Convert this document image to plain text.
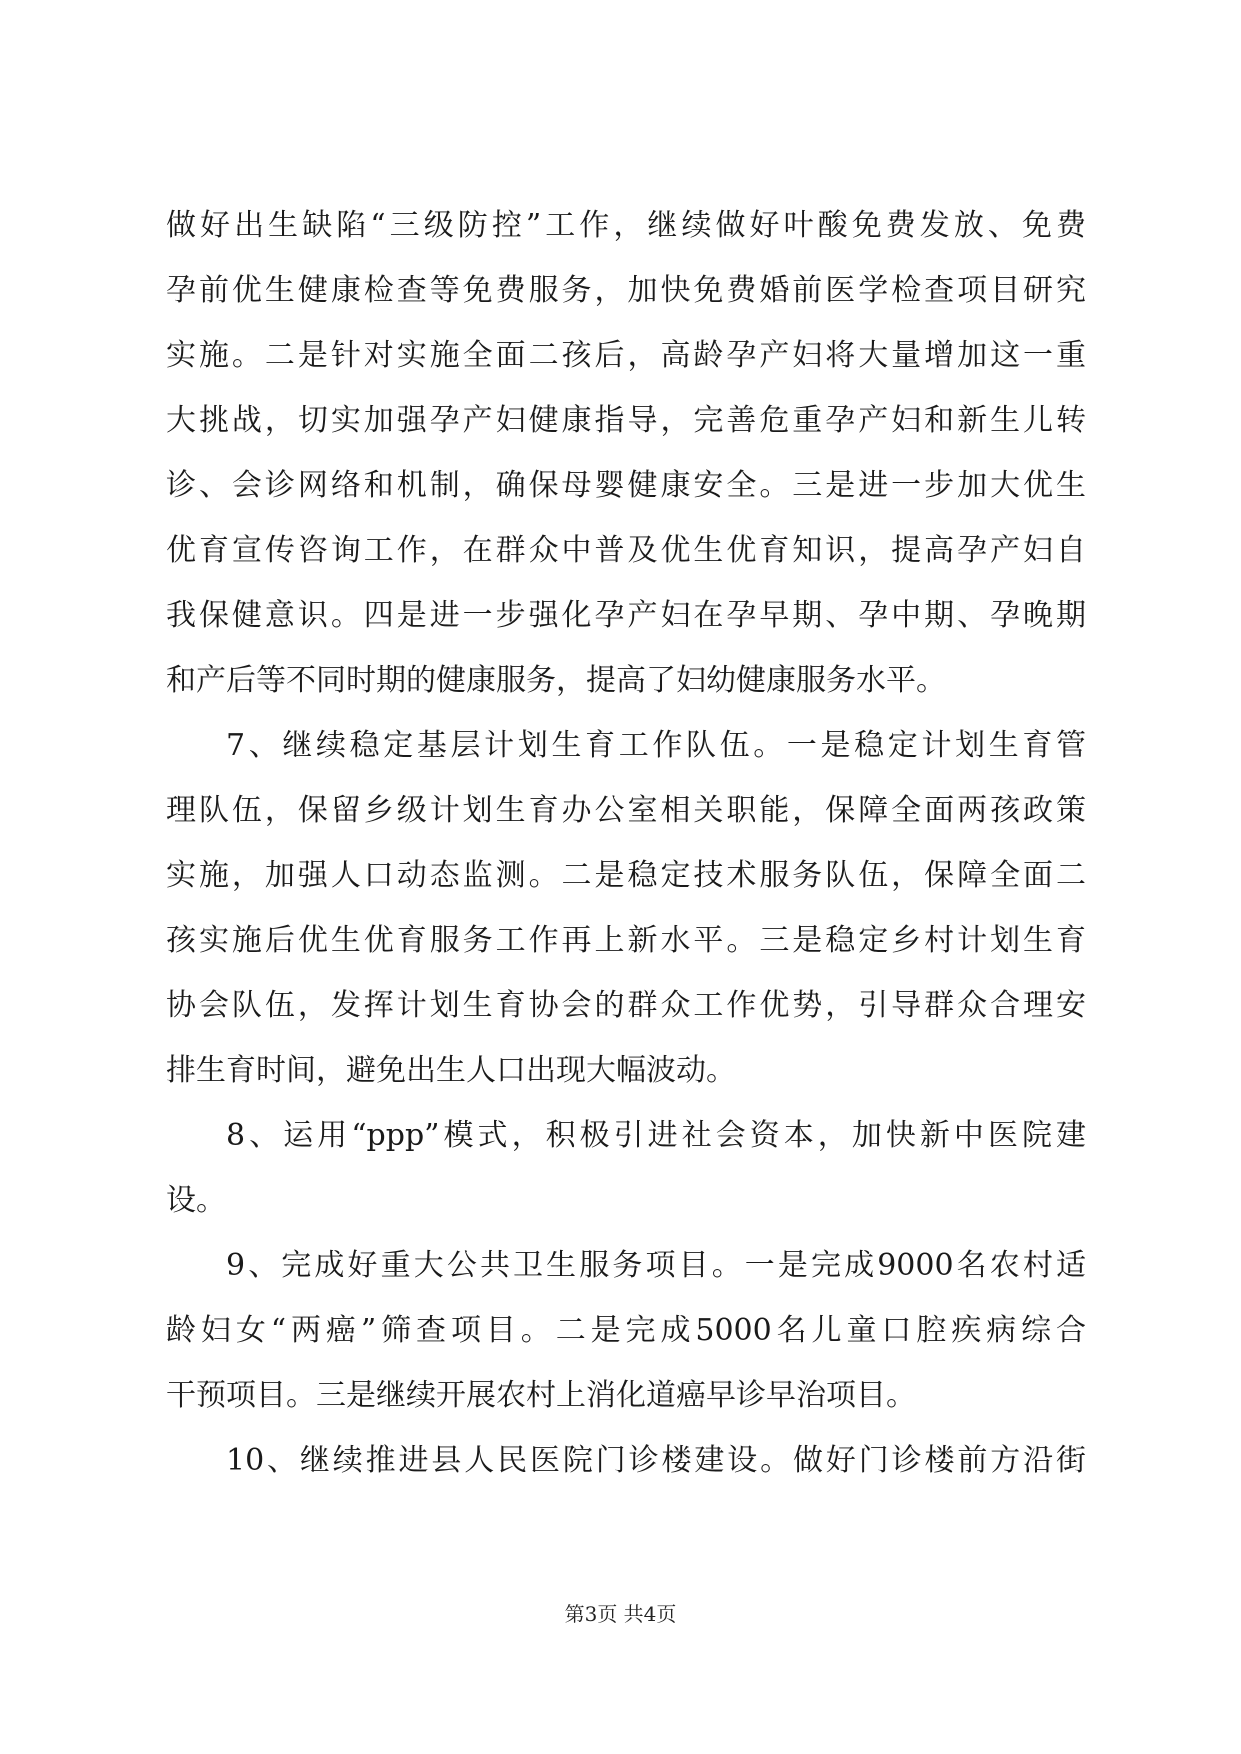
做好出生缺陷“三级防控”工作，继续做好叶酸免费发放、免费
孕前优生健康检查等免费服务，加快免费婚前医学检查项目研究
实施。二是针对实施全面二孩后，高龄孕产妇将大量增加这一重
大挑战，切实加强孕产妇健康指导，完善危重孕产妇和新生儿转
诊、会诊网络和机制，确保母婴健康安全。三是进一步加大优生
优育宣传咨询工作，在群众中普及优生优育知识，提高孕产妇自
我保健意识。四是进一步强化孕产妇在孕早期、孕中期、孕晚期
和产后等不同时期的健康服务，提高了妇幼健康服务水平。
7、继续稳定基层计划生育工作队伍。一是稳定计划生育管
理队伍，保留乡级计划生育办公室相关职能，保障全面两孩政策
实施，加强人口动态监测。二是稳定技术服务队伍，保障全面二
孩实施后优生优育服务工作再上新水平。三是稳定乡村计划生育
协会队伍，发挥计划生育协会的群众工作优势，引导群众合理安
排生育时间，避免出生人口出现大幅波动。
8、运用“ppp”模式，积极引进社会资本，加快新中医院建
设。
9、完成好重大公共卫生服务项目。一是完成9000名农村适
龄妇女“两癌”筛查项目。二是完成5000名儿童口腔疾病综合
干预项目。三是继续开展农村上消化道癌早诊早治项目。
10、继续推进县人民医院门诊楼建设。做好门诊楼前方沿街
第3页 共4页
